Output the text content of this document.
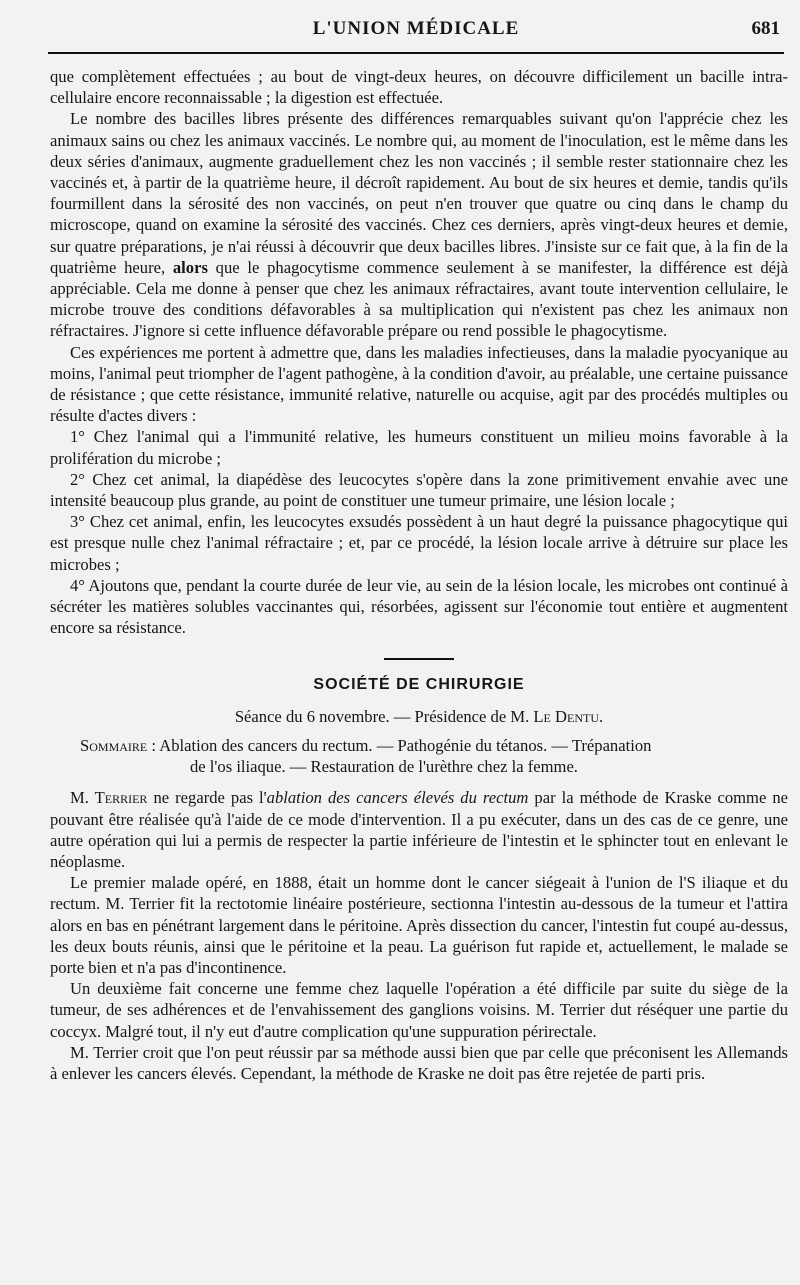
L'UNION MÉDICALE	681

que complètement effectuées ; au bout de vingt-deux heures, on découvre difficilement un bacille intra-cellulaire encore reconnaissable ; la digestion est effectuée.

Le nombre des bacilles libres présente des différences remarquables suivant qu'on l'apprécie chez les animaux sains ou chez les animaux vaccinés. Le nombre qui, au moment de l'inoculation, est le même dans les deux séries d'animaux, augmente graduellement chez les non vaccinés ; il semble rester stationnaire chez les vaccinés et, à partir de la quatrième heure, il décroît rapidement. Au bout de six heures et demie, tandis qu'ils fourmillent dans la sérosité des non vaccinés, on peut n'en trouver que quatre ou cinq dans le champ du microscope, quand on examine la sérosité des vaccinés. Chez ces derniers, après vingt-deux heures et demie, sur quatre préparations, je n'ai réussi à découvrir que deux bacilles libres. J'insiste sur ce fait que, à la fin de la quatrième heure, alors que le phagocytisme commence seulement à se manifester, la différence est déjà appréciable. Cela me donne à penser que chez les animaux réfractaires, avant toute intervention cellulaire, le microbe trouve des conditions défavorables à sa multiplication qui n'existent pas chez les animaux non réfractaires. J'ignore si cette influence défavorable prépare ou rend possible le phagocytisme.

Ces expériences me portent à admettre que, dans les maladies infectieuses, dans la maladie pyocyanique au moins, l'animal peut triompher de l'agent pathogène, à la condition d'avoir, au préalable, une certaine puissance de résistance ; que cette résistance, immunité relative, naturelle ou acquise, agit par des procédés multiples ou résulte d'actes divers :

1° Chez l'animal qui a l'immunité relative, les humeurs constituent un milieu moins favorable à la prolifération du microbe ;

2° Chez cet animal, la diapédèse des leucocytes s'opère dans la zone primitivement envahie avec une intensité beaucoup plus grande, au point de constituer une tumeur primaire, une lésion locale ;

3° Chez cet animal, enfin, les leucocytes exsudés possèdent à un haut degré la puissance phagocytique qui est presque nulle chez l'animal réfractaire ; et, par ce procédé, la lésion locale arrive à détruire sur place les microbes ;

4° Ajoutons que, pendant la courte durée de leur vie, au sein de la lésion locale, les microbes ont continué à sécréter les matières solubles vaccinantes qui, résorbées, agissent sur l'économie tout entière et augmentent encore sa résistance.

SOCIÉTÉ DE CHIRURGIE
Séance du 6 novembre. — Présidence de M. Le Dentu.
Sommaire : Ablation des cancers du rectum. — Pathogénie du tétanos. — Trépanation
de l'os iliaque. — Restauration de l'urèthre chez la femme.

M. Terrier ne regarde pas l'ablation des cancers élevés du rectum par la méthode de Kraske comme ne pouvant être réalisée qu'à l'aide de ce mode d'intervention. Il a pu exécuter, dans un des cas de ce genre, une autre opération qui lui a permis de respecter la partie inférieure de l'intestin et le sphincter tout en enlevant le néoplasme.

Le premier malade opéré, en 1888, était un homme dont le cancer siégeait à l'union de l'S iliaque et du rectum. M. Terrier fit la rectotomie linéaire postérieure, sectionna l'intestin au-dessous de la tumeur et l'attira alors en bas en pénétrant largement dans le péritoine. Après dissection du cancer, l'intestin fut coupé au-dessus, les deux bouts réunis, ainsi que le péritoine et la peau. La guérison fut rapide et, actuellement, le malade se porte bien et n'a pas d'incontinence.

Un deuxième fait concerne une femme chez laquelle l'opération a été difficile par suite du siège de la tumeur, de ses adhérences et de l'envahissement des ganglions voisins. M. Terrier dut réséquer une partie du coccyx. Malgré tout, il n'y eut d'autre complication qu'une suppuration périrectale.

M. Terrier croit que l'on peut réussir par sa méthode aussi bien que par celle que préconisent les Allemands à enlever les cancers élevés. Cependant, la méthode de Kraske ne doit pas être rejetée de parti pris.
